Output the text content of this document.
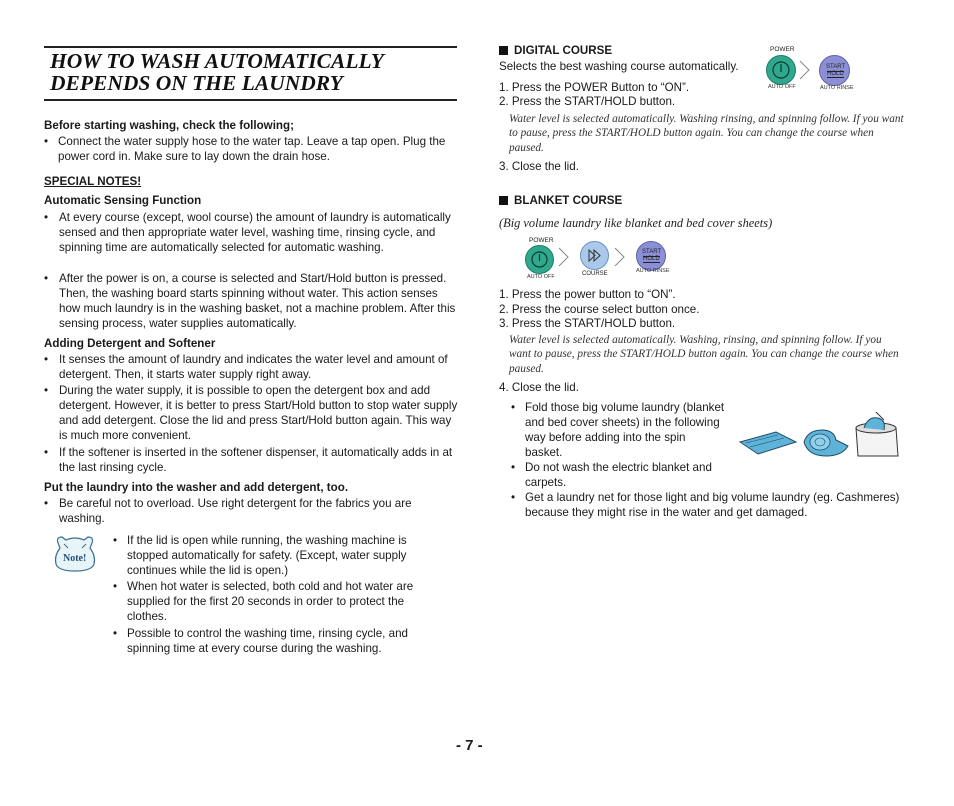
HOW TO WASH AUTOMATICALLY
DEPENDS ON THE LAUNDRY
Before starting washing, check the following;
• Connect the water supply hose to the water tap. Leave a tap open. Plug the power cord in. Make sure to lay down the drain hose.
SPECIAL NOTES!
Automatic Sensing Function
• At every course (except, wool course) the amount of laundry is automatically sensed and then appropriate water level, washing time, rinsing cycle, and spinning time are automatically selected for automatic washing.
• After the power is on, a course is selected and Start/Hold button is pressed. Then, the washing board starts spinning without water. This action senses how much laundry is in the washing basket, not a machine problem. After this sensing process, water supplies automatically.
Adding Detergent and Softener
• It senses the amount of laundry and indicates the water level and amount of detergent. Then, it starts water supply right away.
• During the water supply, it is possible to open the detergent box and add detergent. However, it is better to press Start/Hold button to stop water supply and add detergent. Close the lid and press Start/Hold button again. This way is much more convenient.
• If the softener is inserted in the softener dispenser, it automatically adds in at the last rinsing cycle.
Put the laundry into the washer and add detergent, too.
• Be careful not to overload. Use right detergent for the fabrics you are washing.
Note!
• If the lid is open while running, the washing machine is stopped automatically for safety. (Except, water supply continues while the lid is open.)
• When hot water is selected, both cold and hot water are supplied for the first 20 seconds in order to protect the clothes.
• Possible to control the washing time, rinsing cycle, and spinning time at every course during the washing.
DIGITAL COURSE
Selects the best washing course automatically.
1. Press the POWER Button to “ON”.
2. Press the START/HOLD button.
Water level is selected automatically. Washing rinsing, and spinning follow. If you want to pause, press the START/HOLD button again. You can change the course when paused.
3. Close the lid.
POWER
AUTO OFF
START
HOLD
AUTO RINSE
BLANKET COURSE
(Big volume laundry like blanket and bed cover sheets)
POWER
AUTO OFF	COURSE
START
HOLD
AUTO RINSE
1. Press the power button to “ON”.
2. Press the course select button once.
3. Press the START/HOLD button.
Water level is selected automatically. Washing, rinsing, and spinning follow. If you want to pause, press the START/HOLD button again. You can change the course when paused.
4. Close the lid.
• Fold those big volume laundry (blanket and bed cover sheets) in the following way before adding into the spin basket.
• Do not wash the electric blanket and carpets.
• Get a laundry net for those light and big volume laundry (eg. Cashmeres) because they might rise in the water and get damaged.
- 7 -
